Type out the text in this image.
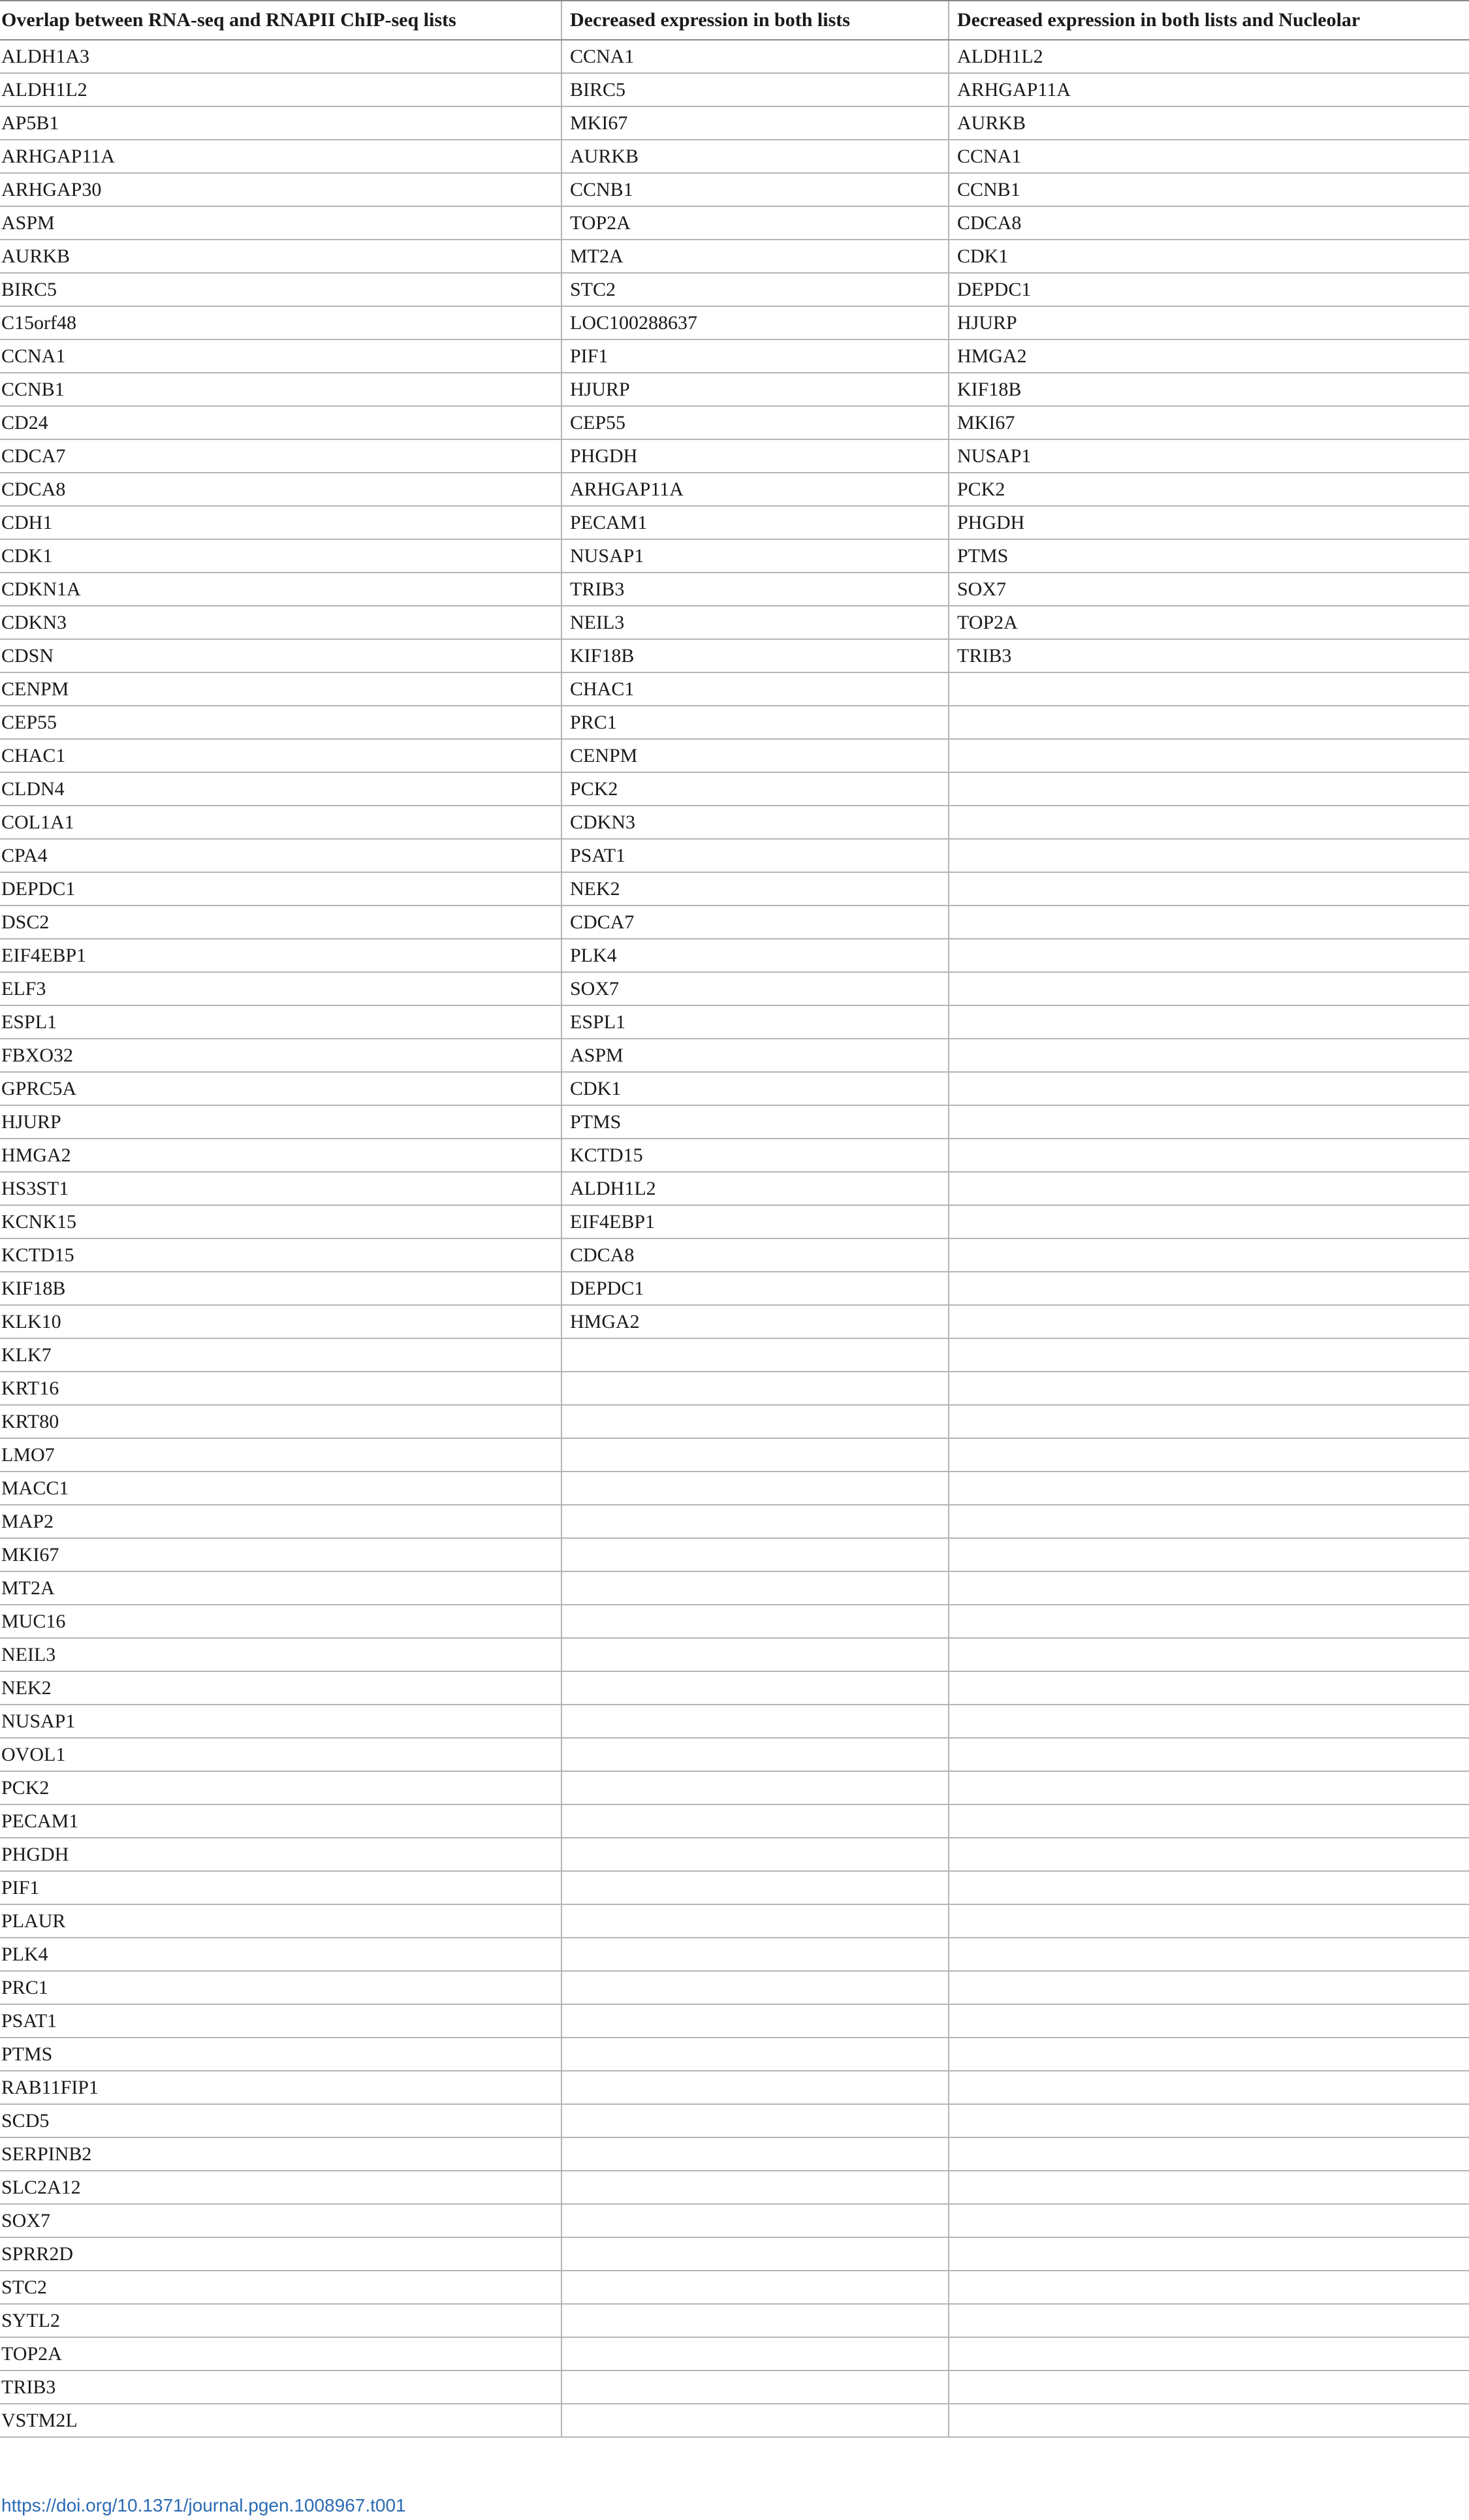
Overlap between RNA-seq and RNAPII ChIP-seq lists	Decreased expression in both lists	Decreased expression in both lists and Nucleolar
ALDH1A3	CCNA1	ALDH1L2
ALDH1L2	BIRC5	ARHGAP11A
AP5B1	MKI67	AURKB
ARHGAP11A	AURKB	CCNA1
ARHGAP30	CCNB1	CCNB1
ASPM	TOP2A	CDCA8
AURKB	MT2A	CDK1
BIRC5	STC2	DEPDC1
C15orf48	LOC100288637	HJURP
CCNA1	PIF1	HMGA2
CCNB1	HJURP	KIF18B
CD24	CEP55	MKI67
CDCA7	PHGDH	NUSAP1
CDCA8	ARHGAP11A	PCK2
CDH1	PECAM1	PHGDH
CDK1	NUSAP1	PTMS
CDKN1A	TRIB3	SOX7
CDKN3	NEIL3	TOP2A
CDSN	KIF18B	TRIB3
CENPM	CHAC1	
CEP55	PRC1	
CHAC1	CENPM	
CLDN4	PCK2	
COL1A1	CDKN3	
CPA4	PSAT1	
DEPDC1	NEK2	
DSC2	CDCA7	
EIF4EBP1	PLK4	
ELF3	SOX7	
ESPL1	ESPL1	
FBXO32	ASPM	
GPRC5A	CDK1	
HJURP	PTMS	
HMGA2	KCTD15	
HS3ST1	ALDH1L2	
KCNK15	EIF4EBP1	
KCTD15	CDCA8	
KIF18B	DEPDC1	
KLK10	HMGA2	
KLK7		
KRT16		
KRT80		
LMO7		
MACC1		
MAP2		
MKI67		
MT2A		
MUC16		
NEIL3		
NEK2		
NUSAP1		
OVOL1		
PCK2		
PECAM1		
PHGDH		
PIF1		
PLAUR		
PLK4		
PRC1		
PSAT1		
PTMS		
RAB11FIP1		
SCD5		
SERPINB2		
SLC2A12		
SOX7		
SPRR2D		
STC2		
SYTL2		
TOP2A		
TRIB3		
VSTM2L		
https://doi.org/10.1371/journal.pgen.1008967.t001
